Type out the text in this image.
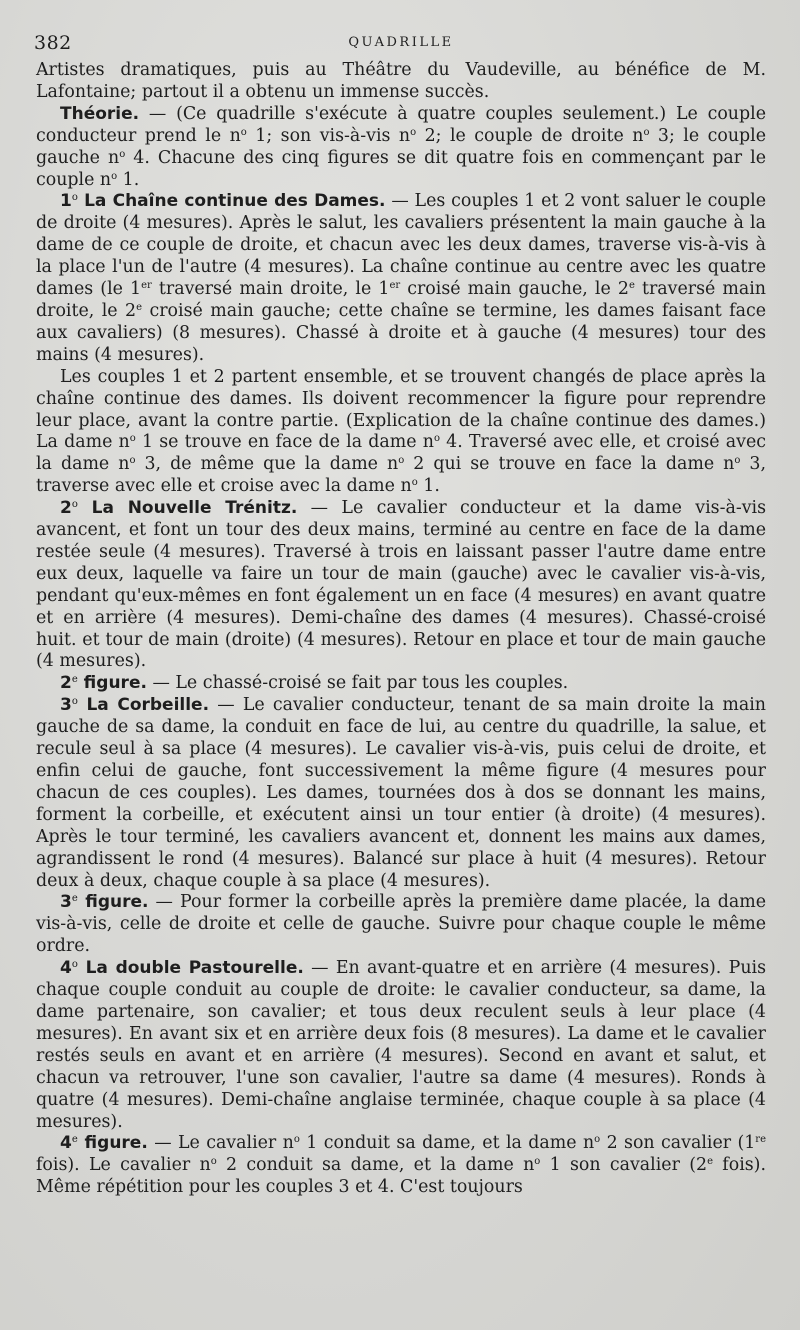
382	QUADRILLE

Artistes dramatiques, puis au Théâtre du Vaudeville, au bénéfice de M. Lafontaine; partout il a obtenu un immense succès.

Théorie. — (Ce quadrille s'exécute à quatre couples seulement.) Le couple conducteur prend le $n^o$ 1; son vis-à-vis $n^o$ 2; le couple de droite $n^o$ 3; le couple gauche $n^o$ 4. Chacune des cinq figures se dit quatre fois en commençant par le couple $n^o$ 1.

1$^o$ La Chaîne continue des Dames. — Les couples 1 et 2 vont saluer le couple de droite (4 mesures). Après le salut, les cavaliers présentent la main gauche à la dame de ce couple de droite, et chacun avec les deux dames, traverse vis-à-vis à la place l'un de l'autre (4 mesures). La chaîne continue au centre avec les quatre dames (le 1er traversé main droite, le 1er croisé main gauche, le 2e traversé main droite, le 2e croisé main gauche; cette chaîne se termine, les dames faisant face aux cavaliers) (8 mesures). Chassé à droite et à gauche (4 mesures) tour des mains (4 mesures).

Les couples 1 et 2 partent ensemble, et se trouvent changés de place après la chaîne continue des dames. Ils doivent recommencer la figure pour reprendre leur place, avant la contre partie. (Explication de la chaîne continue des dames.) La dame $n^o$ 1 se trouve en face de la dame $n^o$ 4. Traversé avec elle, et croisé avec la dame $n^o$ 3, de même que la dame $n^o$ 2 qui se trouve en face la dame $n^o$ 3, traverse avec elle et croise avec la dame $n^o$ 1.

2$^o$ La Nouvelle Trénitz. — Le cavalier conducteur et la dame vis-à-vis avancent, et font un tour des deux mains, terminé au centre en face de la dame restée seule (4 mesures). Traversé à trois en laissant passer l'autre dame entre eux deux, laquelle va faire un tour de main (gauche) avec le cavalier vis-à-vis, pendant qu'eux-mêmes en font également un en face (4 mesures) en avant quatre et en arrière (4 mesures). Demi-chaîne des dames (4 mesures). Chassé-croisé huit. et tour de main (droite) (4 mesures). Retour en place et tour de main gauche (4 mesures).

2e figure. — Le chassé-croisé se fait par tous les couples.

3$^o$ La Corbeille. — Le cavalier conducteur, tenant de sa main droite la main gauche de sa dame, la conduit en face de lui, au centre du quadrille, la salue, et recule seul à sa place (4 mesures). Le cavalier vis-à-vis, puis celui de droite, et enfin celui de gauche, font successivement la même figure (4 mesures pour chacun de ces couples). Les dames, tournées dos à dos se donnant les mains, forment la corbeille, et exécutent ainsi un tour entier (à droite) (4 mesures). Après le tour terminé, les cavaliers avancent et, donnent les mains aux dames, agrandissent le rond (4 mesures). Balancé sur place à huit (4 mesures). Retour deux à deux, chaque couple à sa place (4 mesures).

3e figure. — Pour former la corbeille après la première dame placée, la dame vis-à-vis, celle de droite et celle de gauche. Suivre pour chaque couple le même ordre.

4$^o$ La double Pastourelle. — En avant-quatre et en arrière (4 mesures). Puis chaque couple conduit au couple de droite: le cavalier conducteur, sa dame, la dame partenaire, son cavalier; et tous deux reculent seuls à leur place (4 mesures). En avant six et en arrière deux fois (8 mesures). La dame et le cavalier restés seuls en avant et en arrière (4 mesures). Second en avant et salut, et chacun va retrouver, l'une son cavalier, l'autre sa dame (4 mesures). Ronds à quatre (4 mesures). Demi-chaîne anglaise terminée, chaque couple à sa place (4 mesures).

4e figure. — Le cavalier $n^o$ 1 conduit sa dame, et la dame $n^o$ 2 son cavalier (1re fois). Le cavalier $n^o$ 2 conduit sa dame, et la dame $n^o$ 1 son cavalier (2e fois). Même répétition pour les couples 3 et 4. C'est toujours
